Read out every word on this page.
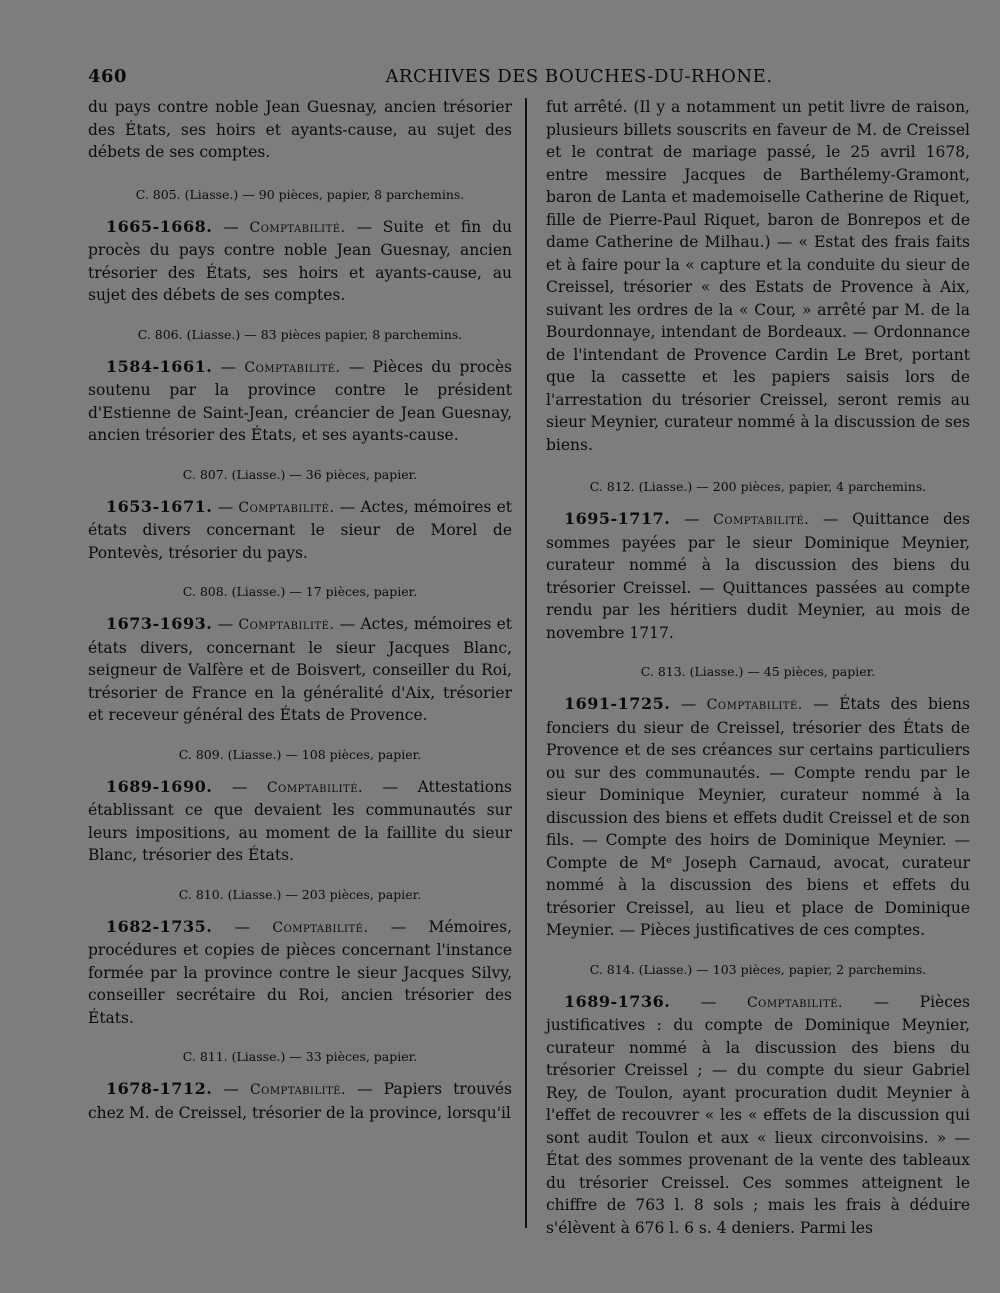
460	ARCHIVES DES BOUCHES-DU-RHONE.

du pays contre noble Jean Guesnay, ancien trésorier des États, ses hoirs et ayants-cause, au sujet des débets de ses comptes.

C. 805. (Liasse.) — 90 pièces, papier, 8 parchemins.

1665-1668. — Comptabilité. — Suite et fin du procès du pays contre noble Jean Guesnay, ancien trésorier des États, ses hoirs et ayants-cause, au sujet des débets de ses comptes.

C. 806. (Liasse.) — 83 pièces papier, 8 parchemins.

1584-1661. — Comptabilité. — Pièces du procès soutenu par la province contre le président d'Estienne de Saint-Jean, créancier de Jean Guesnay, ancien trésorier des États, et ses ayants-cause.

C. 807. (Liasse.) — 36 pièces, papier.

1653-1671. — Comptabilité. — Actes, mémoires et états divers concernant le sieur de Morel de Pontevès, trésorier du pays.

C. 808. (Liasse.) — 17 pièces, papier.

1673-1693. — Comptabilité. — Actes, mémoires et états divers, concernant le sieur Jacques Blanc, seigneur de Valfère et de Boisvert, conseiller du Roi, trésorier de France en la généralité d'Aix, trésorier et receveur général des États de Provence.

C. 809. (Liasse.) — 108 pièces, papier.

1689-1690. — Comptabilité. — Attestations établissant ce que devaient les communautés sur leurs impositions, au moment de la faillite du sieur Blanc, trésorier des États.

C. 810. (Liasse.) — 203 pièces, papier.

1682-1735. — Comptabilité. — Mémoires, procédures et copies de pièces concernant l'instance formée par la province contre le sieur Jacques Silvy, conseiller secrétaire du Roi, ancien trésorier des États.

C. 811. (Liasse.) — 33 pièces, papier.

1678-1712. — Comptabilité. — Papiers trouvés chez M. de Creissel, trésorier de la province, lorsqu'il

fut arrêté. (Il y a notamment un petit livre de raison, plusieurs billets souscrits en faveur de M. de Creissel et le contrat de mariage passé, le 25 avril 1678, entre messire Jacques de Barthélemy-Gramont, baron de Lanta et mademoiselle Catherine de Riquet, fille de Pierre-Paul Riquet, baron de Bonrepos et de dame Catherine de Milhau.) — « Estat des frais faits et à faire pour la « capture et la conduite du sieur de Creissel, trésorier « des Estats de Provence à Aix, suivant les ordres de la « Cour, » arrêté par M. de la Bourdonnaye, intendant de Bordeaux. — Ordonnance de l'intendant de Provence Cardin Le Bret, portant que la cassette et les papiers saisis lors de l'arrestation du trésorier Creissel, seront remis au sieur Meynier, curateur nommé à la discussion de ses biens.

C. 812. (Liasse.) — 200 pièces, papier, 4 parchemins.

1695-1717. — Comptabilité. — Quittance des sommes payées par le sieur Dominique Meynier, curateur nommé à la discussion des biens du trésorier Creissel. — Quittances passées au compte rendu par les héritiers dudit Meynier, au mois de novembre 1717.

C. 813. (Liasse.) — 45 pièces, papier.

1691-1725. — Comptabilité. — États des biens fonciers du sieur de Creissel, trésorier des États de Provence et de ses créances sur certains particuliers ou sur des communautés. — Compte rendu par le sieur Dominique Meynier, curateur nommé à la discussion des biens et effets dudit Creissel et de son fils. — Compte des hoirs de Dominique Meynier. — Compte de Mᵉ Joseph Carnaud, avocat, curateur nommé à la discussion des biens et effets du trésorier Creissel, au lieu et place de Dominique Meynier. — Pièces justificatives de ces comptes.

C. 814. (Liasse.) — 103 pièces, papier, 2 parchemins.

1689-1736. — Comptabilité. — Pièces justificatives : du compte de Dominique Meynier, curateur nommé à la discussion des biens du trésorier Creissel ; — du compte du sieur Gabriel Rey, de Toulon, ayant procuration dudit Meynier à l'effet de recouvrer « les « effets de la discussion qui sont audit Toulon et aux « lieux circonvoisins. » — État des sommes provenant de la vente des tableaux du trésorier Creissel. Ces sommes atteignent le chiffre de 763 l. 8 sols ; mais les frais à déduire s'élèvent à 676 l. 6 s. 4 deniers. Parmi les
